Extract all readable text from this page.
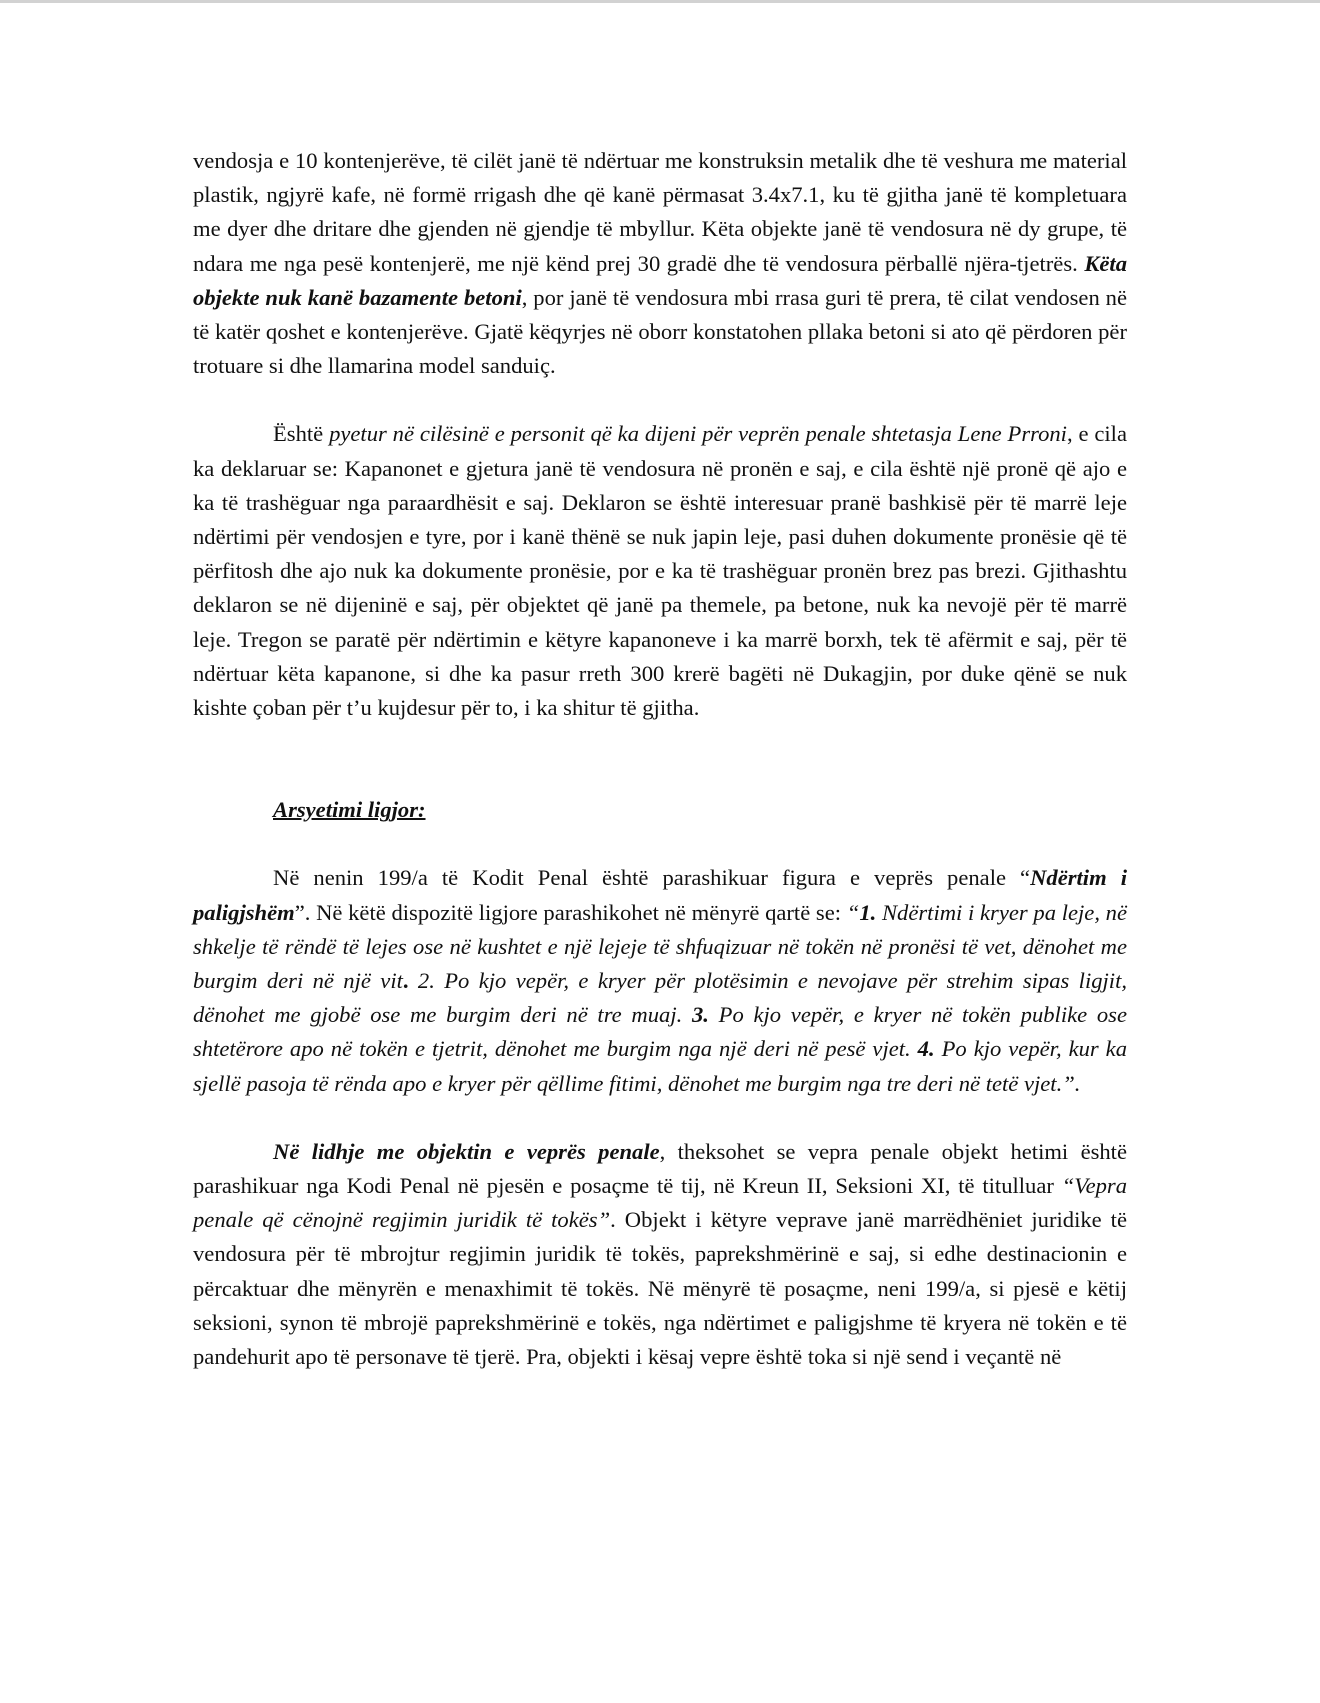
vendosja e 10 kontenjerëve, të cilët janë të ndërtuar me konstruksin metalik dhe të veshura me material plastik, ngjyrë kafe, në formë rrigash dhe që kanë përmasat 3.4x7.1, ku të gjitha janë të kompletuara me dyer dhe dritare dhe gjenden në gjendje të mbyllur. Këta objekte janë të vendosura në dy grupe, të ndara me nga pesë kontenjerë, me një kënd prej 30 gradë dhe të vendosura përballë njëra-tjetrës. Këta objekte nuk kanë bazamente betoni, por janë të vendosura mbi rrasa guri të prera, të cilat vendosen në të katër qoshet e kontenjerëve. Gjatë këqyrjes në oborr konstatohen pllaka betoni si ato që përdoren për trotuare si dhe llamarina model sanduiç.

Është pyetur në cilësinë e personit që ka dijeni për veprën penale shtetasja Lene Prroni, e cila ka deklaruar se: Kapanonet e gjetura janë të vendosura në pronën e saj, e cila është një pronë që ajo e ka të trashëguar nga paraardhësit e saj. Deklaron se është interesuar pranë bashkisë për të marrë leje ndërtimi për vendosjen e tyre, por i kanë thënë se nuk japin leje, pasi duhen dokumente pronësie që të përfitosh dhe ajo nuk ka dokumente pronësie, por e ka të trashëguar pronën brez pas brezi. Gjithashtu deklaron se në dijeninë e saj, për objektet që janë pa themele, pa betone, nuk ka nevojë për të marrë leje. Tregon se paratë për ndërtimin e këtyre kapanoneve i ka marrë borxh, tek të afërmit e saj, për të ndërtuar këta kapanone, si dhe ka pasur rreth 300 krerë bagëti në Dukagjin, por duke qënë se nuk kishte çoban për t’u kujdesur për to, i ka shitur të gjitha.

Arsyetimi ligjor:

Në nenin 199/a të Kodit Penal është parashikuar figura e veprës penale “Ndërtim i paligjshëm”. Në këtë dispozitë ligjore parashikohet në mënyrë qartë se: “1. Ndërtimi i kryer pa leje, në shkelje të rëndë të lejes ose në kushtet e një lejeje të shfuqizuar në tokën në pronësi të vet, dënohet me burgim deri në një vit. 2. Po kjo vepër, e kryer për plotësimin e nevojave për strehim sipas ligjit, dënohet me gjobë ose me burgim deri në tre muaj. 3. Po kjo vepër, e kryer në tokën publike ose shtetërore apo në tokën e tjetrit, dënohet me burgim nga një deri në pesë vjet. 4. Po kjo vepër, kur ka sjellë pasoja të rënda apo e kryer për qëllime fitimi, dënohet me burgim nga tre deri në tetë vjet.”.

Në lidhje me objektin e veprës penale, theksohet se vepra penale objekt hetimi është parashikuar nga Kodi Penal në pjesën e posaçme të tij, në Kreun II, Seksioni XI, të titulluar “Vepra penale që cënojnë regjimin juridik të tokës”. Objekt i këtyre veprave janë marrëdhëniet juridike të vendosura për të mbrojtur regjimin juridik të tokës, paprekshmërinë e saj, si edhe destinacionin e përcaktuar dhe mënyrën e menaxhimit të tokës. Në mënyrë të posaçme, neni 199/a, si pjesë e këtij seksioni, synon të mbrojë paprekshmërinë e tokës, nga ndërtimet e paligjshme të kryera në tokën e të pandehurit apo të personave të tjerë. Pra, objekti i kësaj vepre është toka si një send i veçantë në
